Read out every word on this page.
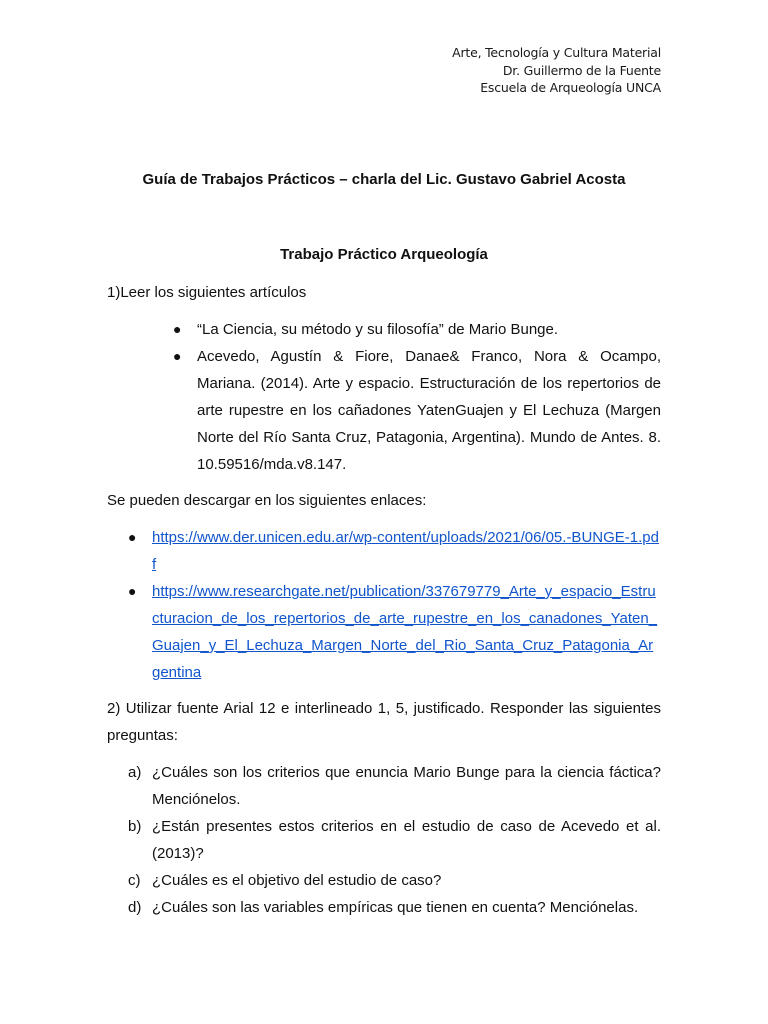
Arte, Tecnología y Cultura Material
Dr. Guillermo de la Fuente
Escuela de Arqueología UNCA
Guía de Trabajos Prácticos – charla del Lic. Gustavo Gabriel Acosta
Trabajo Práctico Arqueología
1)Leer los siguientes artículos
● “La Ciencia, su método y su filosofía” de Mario Bunge.
● Acevedo, Agustín & Fiore, Danae& Franco, Nora & Ocampo, Mariana. (2014). Arte y espacio. Estructuración de los repertorios de arte rupestre en los cañadones YatenGuajen y El Lechuza (Margen Norte del Río Santa Cruz, Patagonia, Argentina). Mundo de Antes. 8. 10.59516/mda.v8.147.
Se pueden descargar en los siguientes enlaces:
● https://www.der.unicen.edu.ar/wp-content/uploads/2021/06/05.-BUNGE-1.pdf
● https://www.researchgate.net/publication/337679779_Arte_y_espacio_Estructuracion_de_los_repertorios_de_arte_rupestre_en_los_canadones_Yaten_Guajen_y_El_Lechuza_Margen_Norte_del_Rio_Santa_Cruz_Patagonia_Argentina
2) Utilizar fuente Arial 12 e interlineado 1, 5, justificado. Responder las siguientes preguntas:
a) ¿Cuáles son los criterios que enuncia Mario Bunge para la ciencia fáctica? Menciónelos.
b) ¿Están presentes estos criterios en el estudio de caso de Acevedo et al. (2013)?
c) ¿Cuáles es el objetivo del estudio de caso?
d) ¿Cuáles son las variables empíricas que tienen en cuenta? Menciónelas.
